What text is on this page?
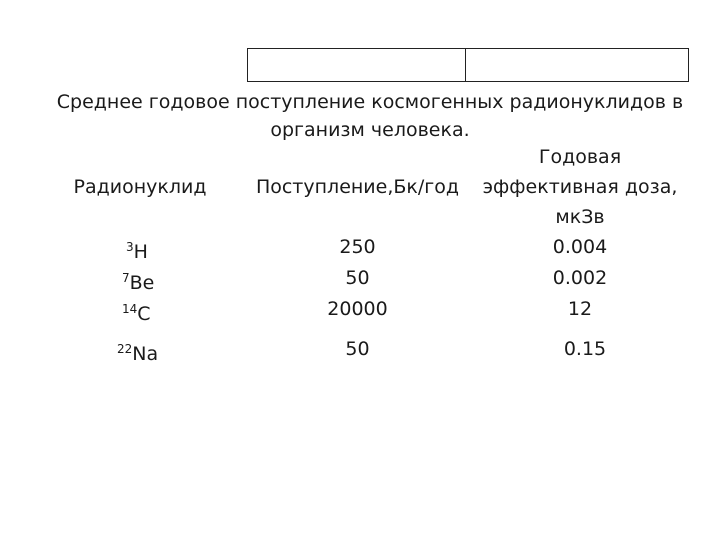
Среднее годовое поступление космогенных радионуклидов в
организм человека.
Радионуклид	Поступление,Бк/год
Годовая
эффективная доза,
мкЗв
$^3$H	250	0.004
$^7$Be	50	0.002
$^{14}$C	20000	12
$^{22}$Na	50	0.15
